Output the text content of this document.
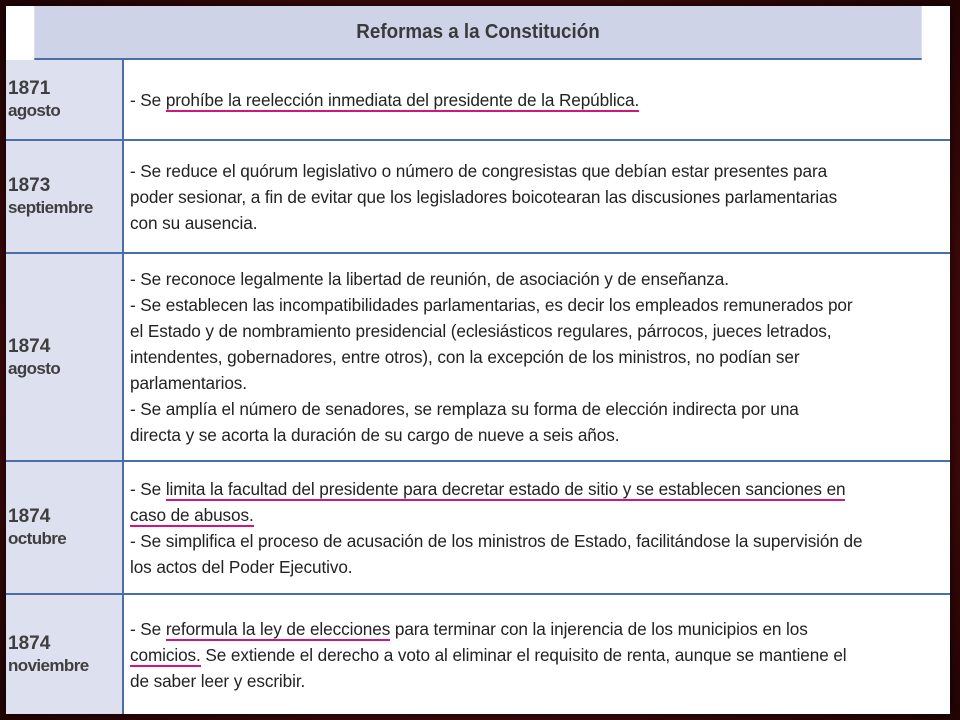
Reformas a la Constitución
1871
agosto
- Se prohíbe la reelección inmediata del presidente de la República.
1873
septiembre
- Se reduce el quórum legislativo o número de congresistas que debían estar presentes para
poder sesionar, a fin de evitar que los legisladores boicotearan las discusiones parlamentarias
con su ausencia.
1874
agosto
- Se reconoce legalmente la libertad de reunión, de asociación y de enseñanza.
- Se establecen las incompatibilidades parlamentarias, es decir los empleados remunerados por
el Estado y de nombramiento presidencial (eclesiásticos regulares, párrocos, jueces letrados,
intendentes, gobernadores, entre otros), con la excepción de los ministros, no podían ser
parlamentarios.
- Se amplía el número de senadores, se remplaza su forma de elección indirecta por una
directa y se acorta la duración de su cargo de nueve a seis años.
1874
octubre
- Se limita la facultad del presidente para decretar estado de sitio y se establecen sanciones en
caso de abusos.
- Se simplifica el proceso de acusación de los ministros de Estado, facilitándose la supervisión de
los actos del Poder Ejecutivo.
1874
noviembre
- Se reformula la ley de elecciones para terminar con la injerencia de los municipios en los
comicios. Se extiende el derecho a voto al eliminar el requisito de renta, aunque se mantiene el
de saber leer y escribir.
